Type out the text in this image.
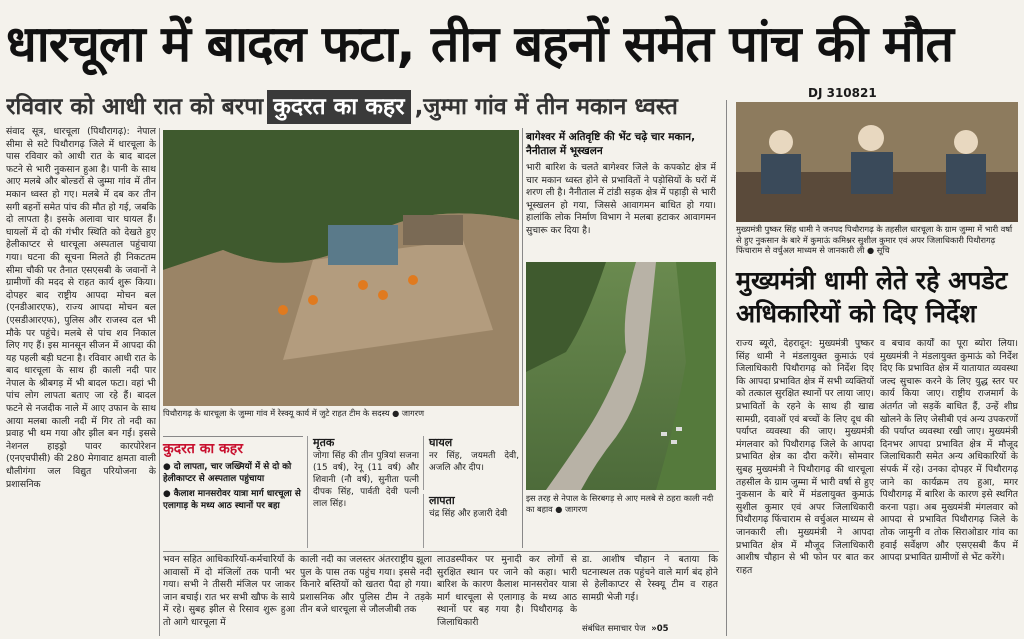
धारचूला में बादल फटा, तीन बहनों समेत पांच की मौत
रविवार को आधी रात को बरपा कुदरत का कहर ,जुम्मा गांव में तीन मकान ध्वस्त
DJ 310821
संवाद सूत्र, धारचूला (पिथौरागढ़): नेपाल सीमा से सटे पिथौरागढ़ जिले में धारचूला के पास रविवार को आधी रात के बाद बादल फटने से भारी नुकसान हुआ है। पानी के साथ आए मलबे और बोल्डरों से जुम्मा गांव में तीन मकान ध्वस्त हो गए। मलबे में दब कर तीन सगी बहनों समेत पांच की मौत हो गई, जबकि दो लापता है। इसके अलावा चार घायल हैं। घायलों में दो की गंभीर स्थिति को देखते हुए हेलीकाप्टर से धारचूला अस्पताल पहुंचाया गया। घटना की सूचना मिलते ही निकटतम सीमा चौकी पर तैनात एसएसबी के जवानों ने ग्रामीणों की मदद से राहत कार्य शुरू किया। दोपहर बाद राष्ट्रीय आपदा मोचन बल (एनडीआरएफ), राज्य आपदा मोचन बल (एसडीआरएफ), पुलिस और राजस्व दल भी मौके पर पहुंचे। मलबे से पांच शव निकाल लिए गए हैं। इस मानसून सीजन में आपदा की यह पहली बड़ी घटना है। रविवार आधी रात के बाद धारचूला के साथ ही काली नदी पार नेपाल के श्रीबगड़ में भी बादल फटा। वहां भी पांच लोग लापता बताए जा रहे हैं। बादल फटने से नजदीक नाले में आए उफान के साथ आया मलबा काली नदी में गिर तो नदी का प्रवाह भी थम गया और झील बन गई। इससे नेशनल हाइड्रो पावर कारपोरेशन (एनएचपीसी) की 280 मेगावाट क्षमता वाली धौलीगंगा जल विद्युत परियोजना के प्रशासनिक
पिथौरागढ़ के धारचूला के जुम्मा गांव में रेस्क्यू कार्य में जुटे राहत टीम के सदस्य ● जागरण
बागेश्वर में अतिवृष्टि की भेंट चढ़े चार मकान, नैनीताल में भूस्खलन
भारी बारिश के चलते बागेश्वर जिले के कपकोट क्षेत्र में चार मकान ध्वस्त होने से प्रभावितों ने पड़ोसियों के घरों में शरण ली है। नैनीताल में टांडी सड़क क्षेत्र में पहाड़ी से भारी भूस्खलन हो गया, जिससे आवागमन बाधित हो गया। हालांकि लोक निर्माण विभाग ने मलबा हटाकर आवागमन सुचारू कर दिया है।
इस तरह से नेपाल के सिरबगड़ से आए मलबे से ठहरा काली नदी का बहाव ● जागरण
कुदरत का कहर
● दो लापता, चार जख्मियों में से दो को हेलीकाप्टर से अस्पताल पहुंचाया
● कैलाश मानसरोवर यात्रा मार्ग धारचूला से एलागाड़ के मध्य आठ स्थानों पर बहा
मृतक
जोगा सिंह की तीन पुत्रियां सजना (15 वर्ष), रेनू (11 वर्ष) और शिवानी (नौ वर्ष), सुनीता पत्नी दीपक सिंह, पार्वती देवी पत्नी लाल सिंह।
घायल
नर सिंह, जयमती देवी, अजलि और दीप।
लापता
चंद्र सिंह और हजारी देवी
भवन सहित आधिकारियों-कर्मचारियों के आवासों में दो मंजिलों तक पानी भर गया। सभी ने तीसरी मंजिल पर जाकर जान बचाई। रात भर सभी खौफ के साये में रहे। सुबह झील से रिसाव शुरू हुआ तो आगे धारचूला में
काली नदी का जलस्तर अंतरराष्ट्रीय झूला पुल के पास तक पहुंच गया। इससे नदी किनारे बस्तियों को खतरा पैदा हो गया। प्रशासनिक और पुलिस टीम ने तड़के तीन बजे धारचूला से जौलजीबी तक
लाउडस्पीकर पर मुनादी कर लोगों से सुरक्षित स्थान पर जाने को कहा। भारी बारिश के कारण कैलाश मानसरोवर यात्रा मार्ग धारचूला से एलागाड़ के मध्य आठ स्थानों पर बह गया है। पिथौरागढ़ के जिलाधिकारी
डा. आशीष चौहान ने बताया कि घटनास्थल तक पहुंचने वाले मार्ग बंद होने से हेलीकाप्टर से रेस्क्यू टीम व राहत सामग्री भेजी गई।
संबंधित समाचार पेज »05
मुख्यमंत्री पुष्कर सिंह धामी ने जनपद पिथौरागढ़ के तहसील धारचूला के ग्राम जुम्मा में भारी वर्षा से हुए नुकसान के बारे में कुमाऊं कमिश्नर सुशील कुमार एवं अपर जिलाधिकारी पिथौरागढ़ फिंचाराम से वर्चुअल माध्यम से जानकारी ली ● सूचि
मुख्यमंत्री धामी लेते रहे अपडेट अधिकारियों को दिए निर्देश
राज्य ब्यूरो, देहरादून: मुख्यमंत्री पुष्कर सिंह धामी ने मंडलायुक्त कुमाऊं एवं जिलाधिकारी पिथौरागढ़ को निर्देश दिए कि आपदा प्रभावित क्षेत्र में सभी व्यक्तियों को तत्काल सुरक्षित स्थानों पर लाया जाए। प्रभावितों के रहने के साथ ही खाद्य सामग्री, दवाओं एवं बच्चों के लिए दूध की पर्याप्त व्यवस्था की जाए। मुख्यमंत्री मंगलवार को पिथौरागढ़ जिले के आपदा प्रभावित क्षेत्र का दौरा करेंगे। सोमवार सुबह मुख्यमंत्री ने पिथौरागढ़ की धारचूला तहसील के ग्राम जुम्मा में भारी वर्षा से हुए नुकसान के बारे में मंडलायुक्त कुमाऊं सुशील कुमार एवं अपर जिलाधिकारी पिथौरागढ़ फिंचाराम से वर्चुअल माध्यम से जानकारी ली। मुख्यमंत्री ने आपदा प्रभावित क्षेत्र में मौजूद जिलाधिकारी आशीष चौहान से भी फोन पर बात कर राहत
व बचाव कार्यों का पूरा ब्योरा लिया। मुख्यमंत्री ने मंडलायुक्त कुमाऊं को निर्देश दिए कि प्रभावित क्षेत्र में यातायात व्यवस्था जल्द सुचारू करने के लिए युद्ध स्तर पर कार्य किया जाए। राष्ट्रीय राजमार्ग के अंतर्गत जो सड़कें बाधित हैं, उन्हें शीघ्र खोलने के लिए जेसीबी एवं अन्य उपकरणों की पर्याप्त व्यवस्था रखी जाए। मुख्यमंत्री दिनभर आपदा प्रभावित क्षेत्र में मौजूद जिलाधिकारी समेत अन्य अधिकारियों के संपर्क में रहे। उनका दोपहर में पिथौरागढ़ जाने का कार्यक्रम तय हुआ, मगर पिथौरागढ़ में बारिश के कारण इसे स्थगित करना पड़ा। अब मुख्यमंत्री मंगलवार को आपदा से प्रभावित पिथौरागढ़ जिले के तोक जामुनी व तोक सिराओडार गांव का हवाई सर्वेक्षण और एसएसबी कैंप में आपदा प्रभावित ग्रामीणों से भेंट करेंगे।
